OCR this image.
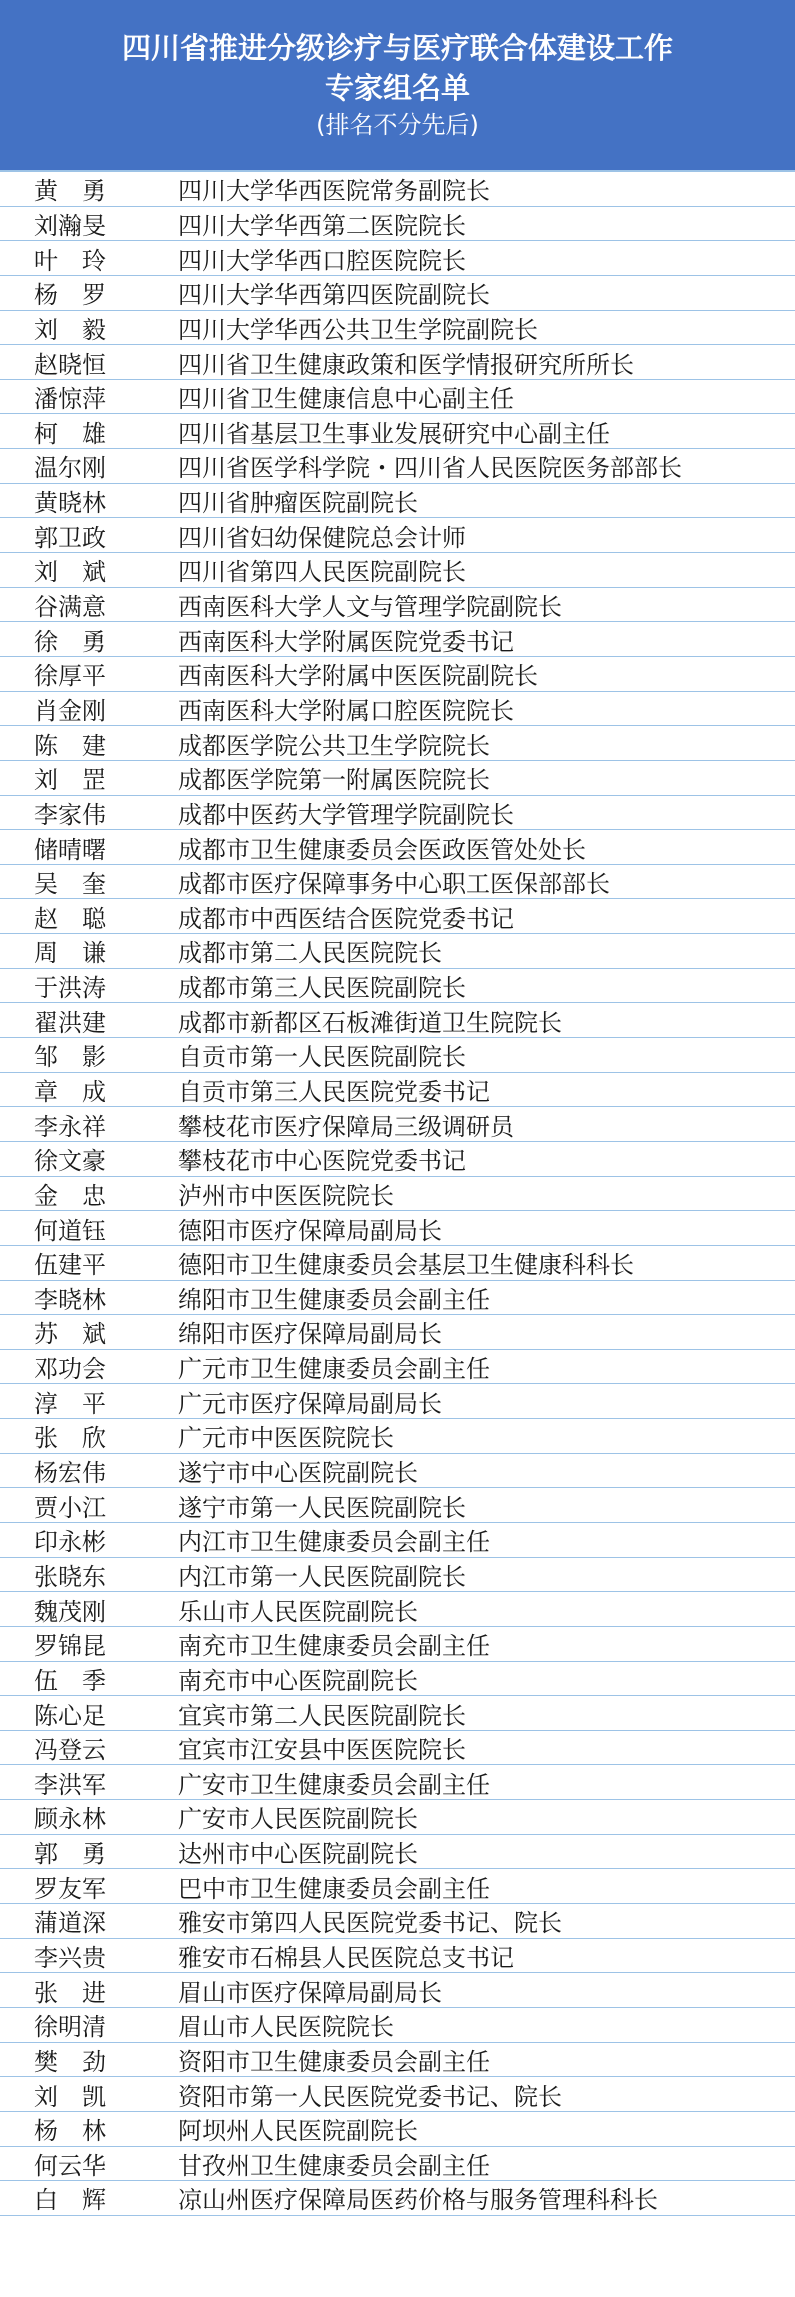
四川省推进分级诊疗与医疗联合体建设工作
专家组名单
(排名不分先后)
黄　勇	四川大学华西医院常务副院长
刘瀚旻	四川大学华西第二医院院长
叶　玲	四川大学华西口腔医院院长
杨　罗	四川大学华西第四医院副院长
刘　毅	四川大学华西公共卫生学院副院长
赵晓恒	四川省卫生健康政策和医学情报研究所所长
潘惊萍	四川省卫生健康信息中心副主任
柯　雄	四川省基层卫生事业发展研究中心副主任
温尔刚	四川省医学科学院・四川省人民医院医务部部长
黄晓林	四川省肿瘤医院副院长
郭卫政	四川省妇幼保健院总会计师
刘　斌	四川省第四人民医院副院长
谷满意	西南医科大学人文与管理学院副院长
徐　勇	西南医科大学附属医院党委书记
徐厚平	西南医科大学附属中医医院副院长
肖金刚	西南医科大学附属口腔医院院长
陈　建	成都医学院公共卫生学院院长
刘　罡	成都医学院第一附属医院院长
李家伟	成都中医药大学管理学院副院长
储晴曙	成都市卫生健康委员会医政医管处处长
吴　奎	成都市医疗保障事务中心职工医保部部长
赵　聪	成都市中西医结合医院党委书记
周　谦	成都市第二人民医院院长
于洪涛	成都市第三人民医院副院长
翟洪建	成都市新都区石板滩街道卫生院院长
邹　影	自贡市第一人民医院副院长
章　成	自贡市第三人民医院党委书记
李永祥	攀枝花市医疗保障局三级调研员
徐文豪	攀枝花市中心医院党委书记
金　忠	泸州市中医医院院长
何道钰	德阳市医疗保障局副局长
伍建平	德阳市卫生健康委员会基层卫生健康科科长
李晓林	绵阳市卫生健康委员会副主任
苏　斌	绵阳市医疗保障局副局长
邓功会	广元市卫生健康委员会副主任
淳　平	广元市医疗保障局副局长
张　欣	广元市中医医院院长
杨宏伟	遂宁市中心医院副院长
贾小江	遂宁市第一人民医院副院长
印永彬	内江市卫生健康委员会副主任
张晓东	内江市第一人民医院副院长
魏茂刚	乐山市人民医院副院长
罗锦昆	南充市卫生健康委员会副主任
伍　季	南充市中心医院副院长
陈心足	宜宾市第二人民医院副院长
冯登云	宜宾市江安县中医医院院长
李洪军	广安市卫生健康委员会副主任
顾永林	广安市人民医院副院长
郭　勇	达州市中心医院副院长
罗友军	巴中市卫生健康委员会副主任
蒲道深	雅安市第四人民医院党委书记、院长
李兴贵	雅安市石棉县人民医院总支书记
张　进	眉山市医疗保障局副局长
徐明清	眉山市人民医院院长
樊　劲	资阳市卫生健康委员会副主任
刘　凯	资阳市第一人民医院党委书记、院长
杨　林	阿坝州人民医院副院长
何云华	甘孜州卫生健康委员会副主任
白　辉	凉山州医疗保障局医药价格与服务管理科科长
